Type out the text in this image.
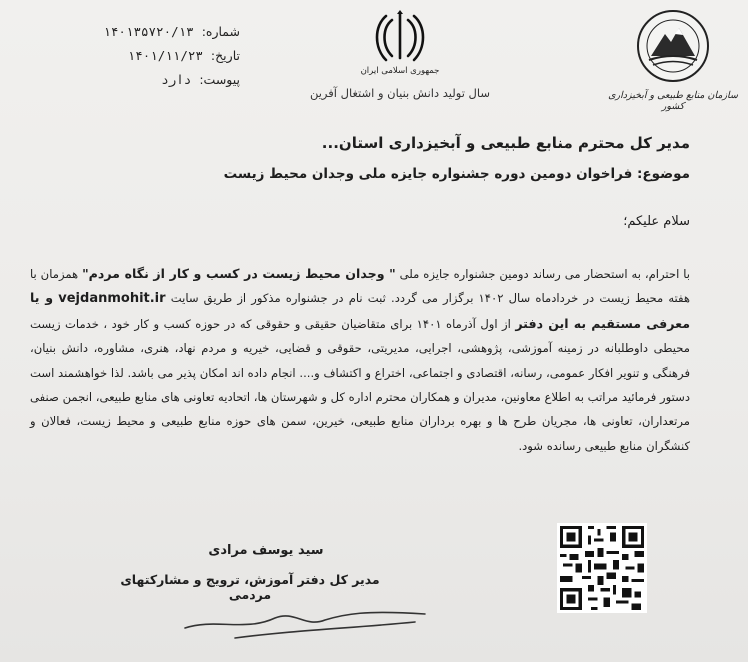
شماره:
۱۴۰۱۳۵۷۲۰/۱۳
تاریخ:
۱۴۰۱/۱۱/۲۳
پیوست:
دارد
جمهوری اسلامی ایران
سال تولید دانش بنیان و اشتغال آفرین	سازمان منابع طبیعی و آبخیزداری کشور
مدیر کل محترم منابع طبیعی و آبخیزداری استان...
موضوع: فراخوان دومین دوره جشنواره جایزه ملی وجدان محیط زیست
سلام علیکم؛
با احترام، به استحضار می رساند دومین جشنواره جایزه ملی " وجدان محیط زیست در کسب و کار از نگاه مردم" همزمان با هفته محیط زیست در خردادماه سال ۱۴۰۲ برگزار می گردد. ثبت نام در جشنواره مذکور از طریق سایت vejdanmohit.ir و یا معرفی مستقیم به این دفتر از اول آذرماه ۱۴۰۱ برای متقاضیان حقیقی و حقوقی که در حوزه کسب و کار خود ، خدمات زیست محیطی داوطلبانه در زمینه آموزشی، پژوهشی، اجرایی، مدیریتی، حقوقی و قضایی، خیریه و مردم نهاد، هنری، مشاوره، دانش بنیان، فرهنگی و تنویر افکار عمومی، رسانه، اقتصادی و اجتماعی، اختراع و اکتشاف و.... انجام داده اند امکان پذیر می باشد. لذا خواهشمند است دستور فرمائید مراتب به اطلاع معاونین، مدیران و همکاران محترم اداره کل و شهرستان ها، اتحادیه تعاونی های منابع طبیعی، انجمن صنفی مرتعداران، تعاونی ها، مجریان طرح ها و بهره برداران منابع طبیعی، خیرین، سمن های حوزه منابع طبیعی و محیط زیست، فعالان و کنشگران منابع طبیعی رسانده شود.
سید یوسف مرادی
مدیر کل دفتر آموزش، ترویج و مشارکتهای مردمی
